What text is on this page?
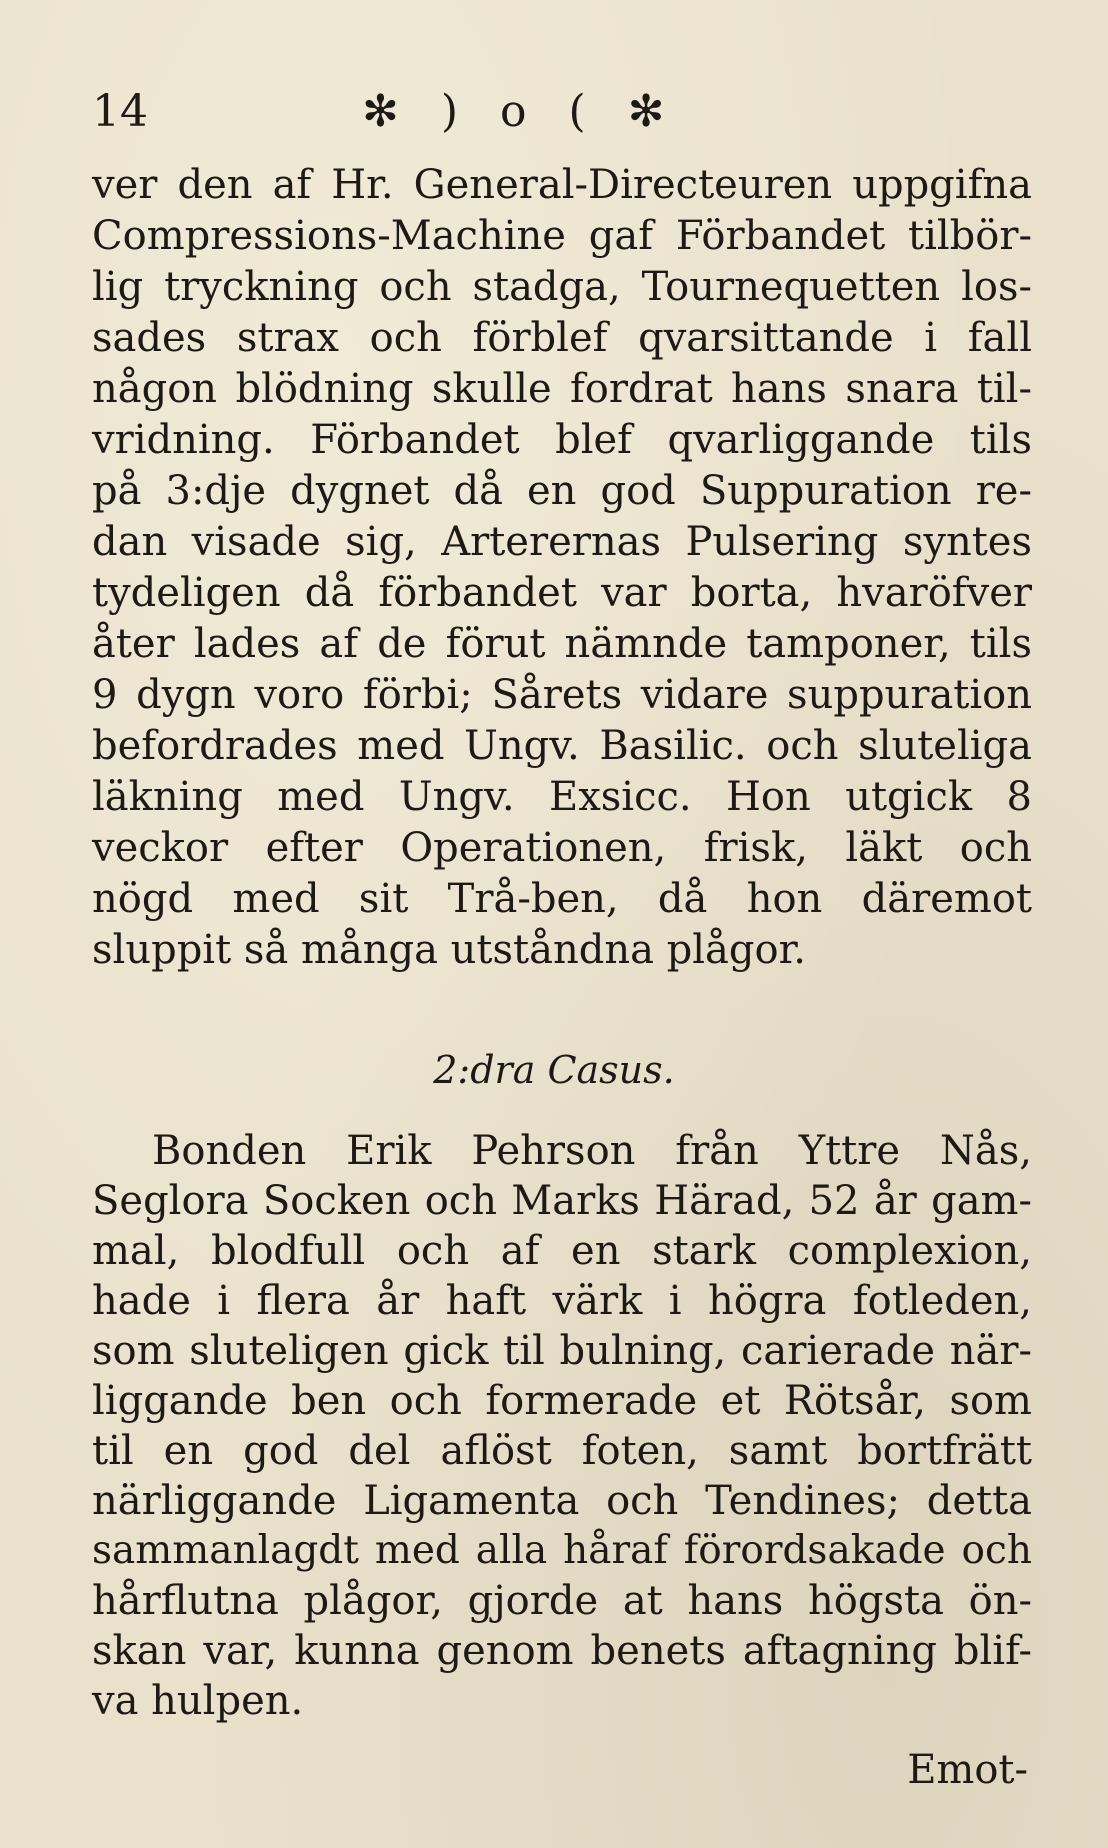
14	✻ ) o ( ✻
ver den af Hr. General-Directeuren uppgifna
Compressions-Machine gaf Förbandet tilbör-
lig tryckning och stadga, Tournequetten los-
sades strax och förblef qvarsittande i fall
någon blödning skulle fordrat hans snara til-
vridning. Förbandet blef qvarliggande tils
på 3:dje dygnet då en god Suppuration re-
dan visade sig, Arterernas Pulsering syntes
tydeligen då förbandet var borta, hvaröfver
åter lades af de förut nämnde tamponer, tils
9 dygn voro förbi; Sårets vidare suppuration
befordrades med Ungv. Basilic. och sluteliga
läkning med Ungv. Exsicc. Hon utgick 8
veckor efter Operationen, frisk, läkt och
nögd med sit Trå-ben, då hon däremot
sluppit så många utståndna plågor.
2:dra Casus.
Bonden Erik Pehrson från Yttre Nås,
Seglora Socken och Marks Härad, 52 år gam-
mal, blodfull och af en stark complexion,
hade i flera år haft värk i högra fotleden,
som sluteligen gick til bulning, carierade när-
liggande ben och formerade et Rötsår, som
til en god del aflöst foten, samt bortfrätt
närliggande Ligamenta och Tendines; detta
sammanlagdt med alla håraf förordsakade och
hårflutna plågor, gjorde at hans högsta ön-
skan var, kunna genom benets aftagning blif-
va hulpen.
Emot-
